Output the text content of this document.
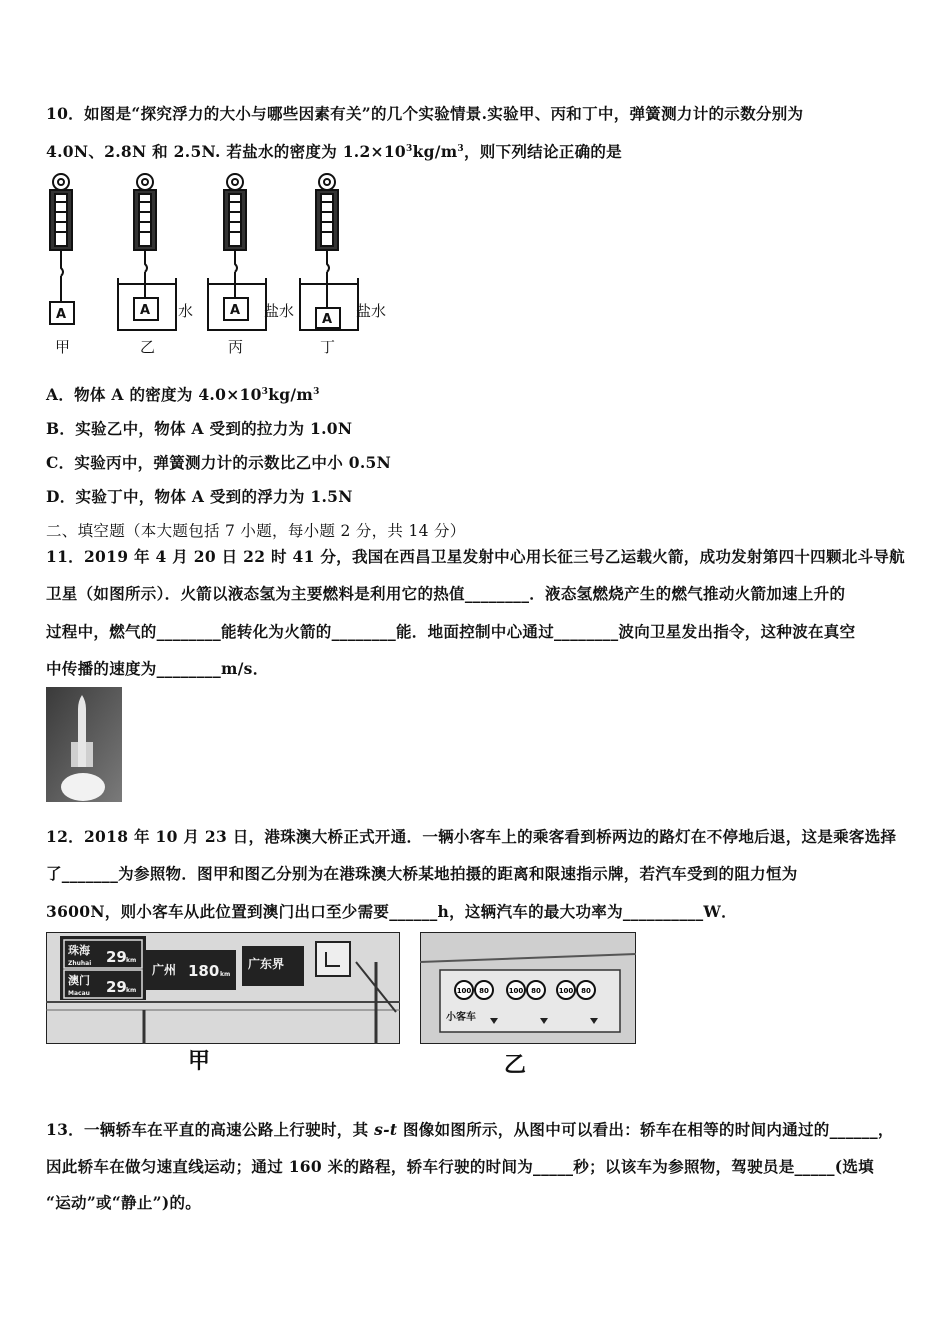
10．如图是“探究浮力的大小与哪些因素有关”的几个实验情景.实验甲、丙和丁中，弹簧测力计的示数分别为
4.0N、2.8N 和 2.5N. 若盐水的密度为 $1.2\times 10^3kg/m^3$，则下列结论正确的是
A	A	A
A
水	盐水	盐水
甲	乙	丙	丁
A．物体 A 的密度为 $4.0\times 10^3kg/m^3$
B．实验乙中，物体 A 受到的拉力为 1.0N
C．实验丙中，弹簧测力计的示数比乙中小 0.5N
D．实验丁中，物体 A 受到的浮力为 1.5N
二、填空题（本大题包括 7 小题，每小题 2 分，共 14 分）
11．2019 年 4 月 20 日 22 时 41 分，我国在西昌卫星发射中心用长征三号乙运载火箭，成功发射第四十四颗北斗导航
卫星（如图所示）．火箭以液态氢为主要燃料是利用它的热值________．液态氢燃烧产生的燃气推动火箭加速上升的
过程中，燃气的________能转化为火箭的________能．地面控制中心通过________波向卫星发出指令，这种波在真空
中传播的速度为________m/s．
12．2018 年 10 月 23 日，港珠澳大桥正式开通．一辆小客车上的乘客看到桥两边的路灯在不停地后退，这是乘客选择
了_______为参照物．图甲和图乙分别为在港珠澳大桥某地拍摄的距离和限速指示牌，若汽车受到的阻力恒为
3600N，则小客车从此位置到澳门出口至少需要______h，这辆汽车的最大功率为__________W．
珠海
Zhuhai 29 km
澳门
Macau 29 km
广州 180 km
广东界
小客车
100 80	100 80	100 80
甲	乙
13．一辆轿车在平直的高速公路上行驶时，其 s-t 图像如图所示，从图中可以看出：轿车在相等的时间内通过的______，
因此轿车在做匀速直线运动；通过 160 米的路程，轿车行驶的时间为_____秒；以该车为参照物，驾驶员是_____(选填
“运动”或“静止”)的。
